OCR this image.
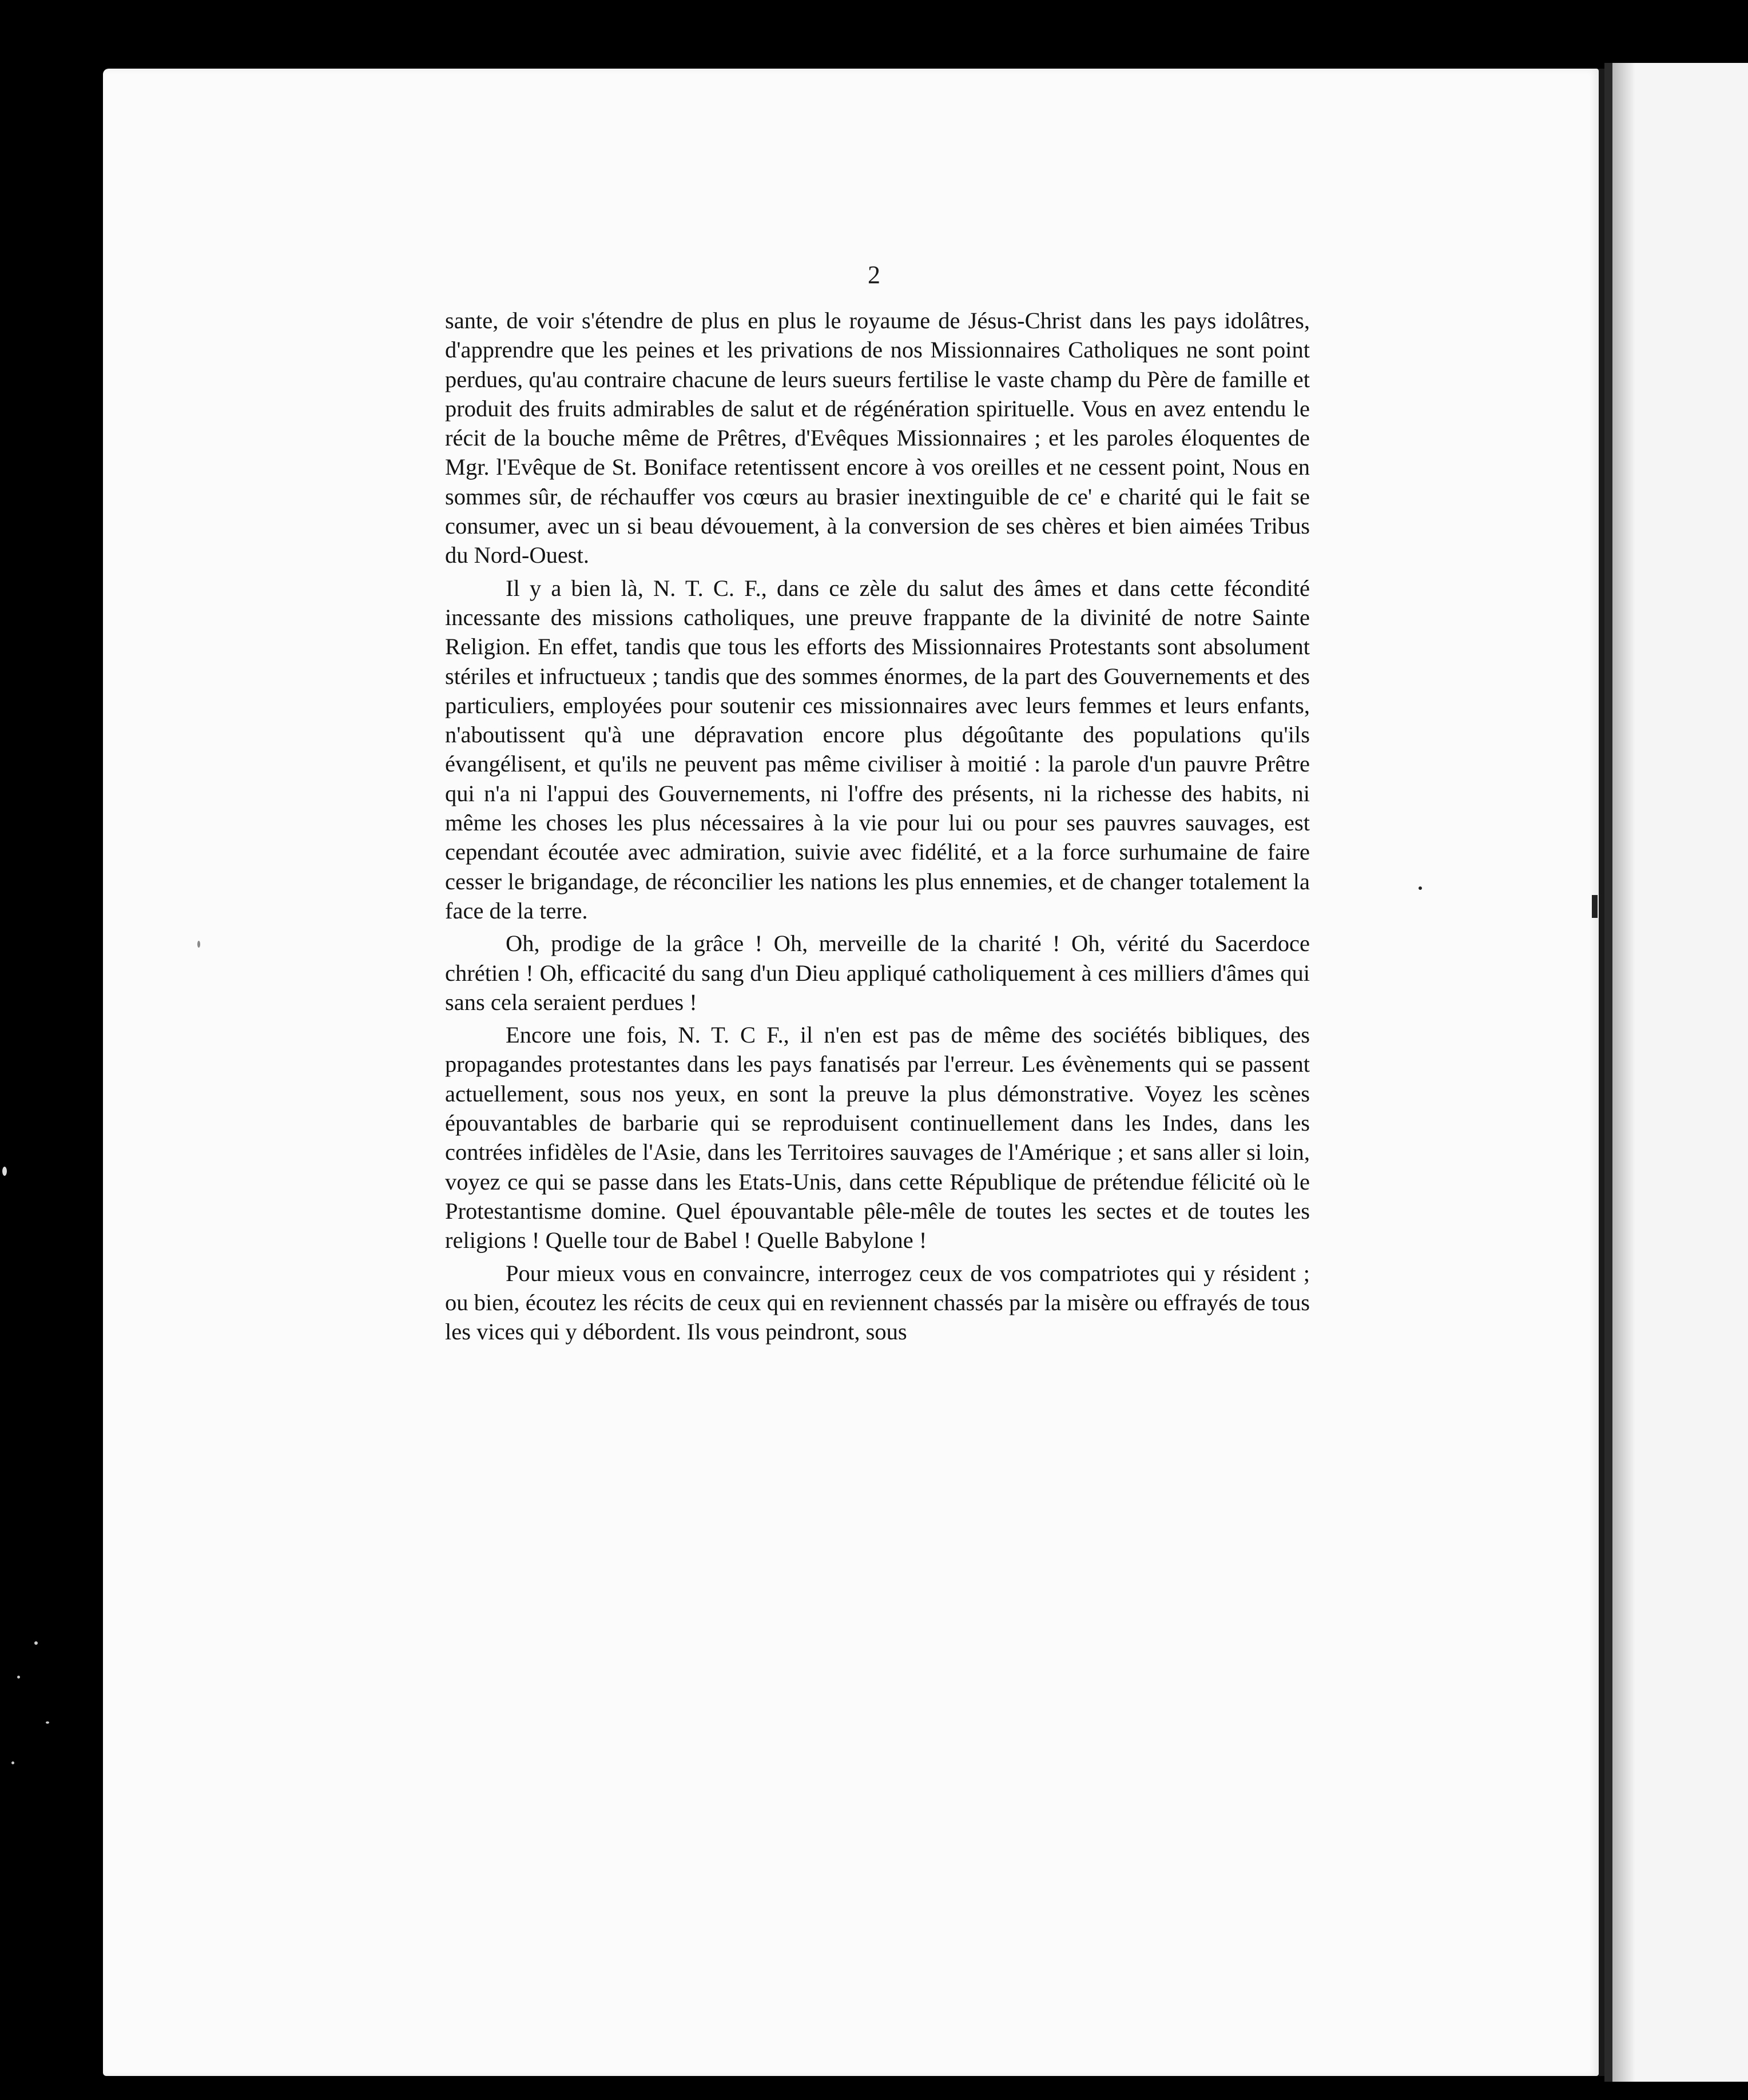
2

sante, de voir s'étendre de plus en plus le royaume de Jésus-Christ dans les pays idolâtres, d'apprendre que les peines et les privations de nos Missionnaires Catholiques ne sont point perdues, qu'au contraire chacune de leurs sueurs fertilise le vaste champ du Père de famille et produit des fruits admirables de salut et de régénération spirituelle. Vous en avez entendu le récit de la bouche même de Prêtres, d'Evêques Missionnaires ; et les paroles éloquentes de Mgr. l'Evêque de St. Boniface retentissent encore à vos oreilles et ne cessent point, Nous en sommes sûr, de réchauffer vos cœurs au brasier inextinguible de ce' e charité qui le fait se consumer, avec un si beau dévouement, à la conversion de ses chères et bien aimées Tribus du Nord-Ouest.

Il y a bien là, N. T. C. F., dans ce zèle du salut des âmes et dans cette fécondité incessante des missions catholiques, une preuve frappante de la divinité de notre Sainte Religion. En effet, tandis que tous les efforts des Missionnaires Protestants sont absolument stériles et infructueux ; tandis que des sommes énormes, de la part des Gouvernements et des particuliers, employées pour soutenir ces missionnaires avec leurs femmes et leurs enfants, n'aboutissent qu'à une dépravation encore plus dégoûtante des populations qu'ils évangélisent, et qu'ils ne peuvent pas même civiliser à moitié : la parole d'un pauvre Prêtre qui n'a ni l'appui des Gouvernements, ni l'offre des présents, ni la richesse des habits, ni même les choses les plus nécessaires à la vie pour lui ou pour ses pauvres sauvages, est cependant écoutée avec admiration, suivie avec fidélité, et a la force surhumaine de faire cesser le brigandage, de réconcilier les nations les plus ennemies, et de changer totalement la face de la terre.

Oh, prodige de la grâce ! Oh, merveille de la charité ! Oh, vérité du Sacerdoce chrétien ! Oh, efficacité du sang d'un Dieu appliqué catholiquement à ces milliers d'âmes qui sans cela seraient perdues !

Encore une fois, N. T. C F., il n'en est pas de même des sociétés bibliques, des propagandes protestantes dans les pays fanatisés par l'erreur. Les évènements qui se passent actuellement, sous nos yeux, en sont la preuve la plus démonstrative. Voyez les scènes épouvantables de barbarie qui se reproduisent continuellement dans les Indes, dans les contrées infidèles de l'Asie, dans les Territoires sauvages de l'Amérique ; et sans aller si loin, voyez ce qui se passe dans les Etats-Unis, dans cette République de prétendue félicité où le Protestantisme domine. Quel épouvantable pêle-mêle de toutes les sectes et de toutes les religions ! Quelle tour de Babel ! Quelle Babylone !

Pour mieux vous en convaincre, interrogez ceux de vos compatriotes qui y résident ; ou bien, écoutez les récits de ceux qui en reviennent chassés par la misère ou effrayés de tous les vices qui y débordent. Ils vous peindront, sous
